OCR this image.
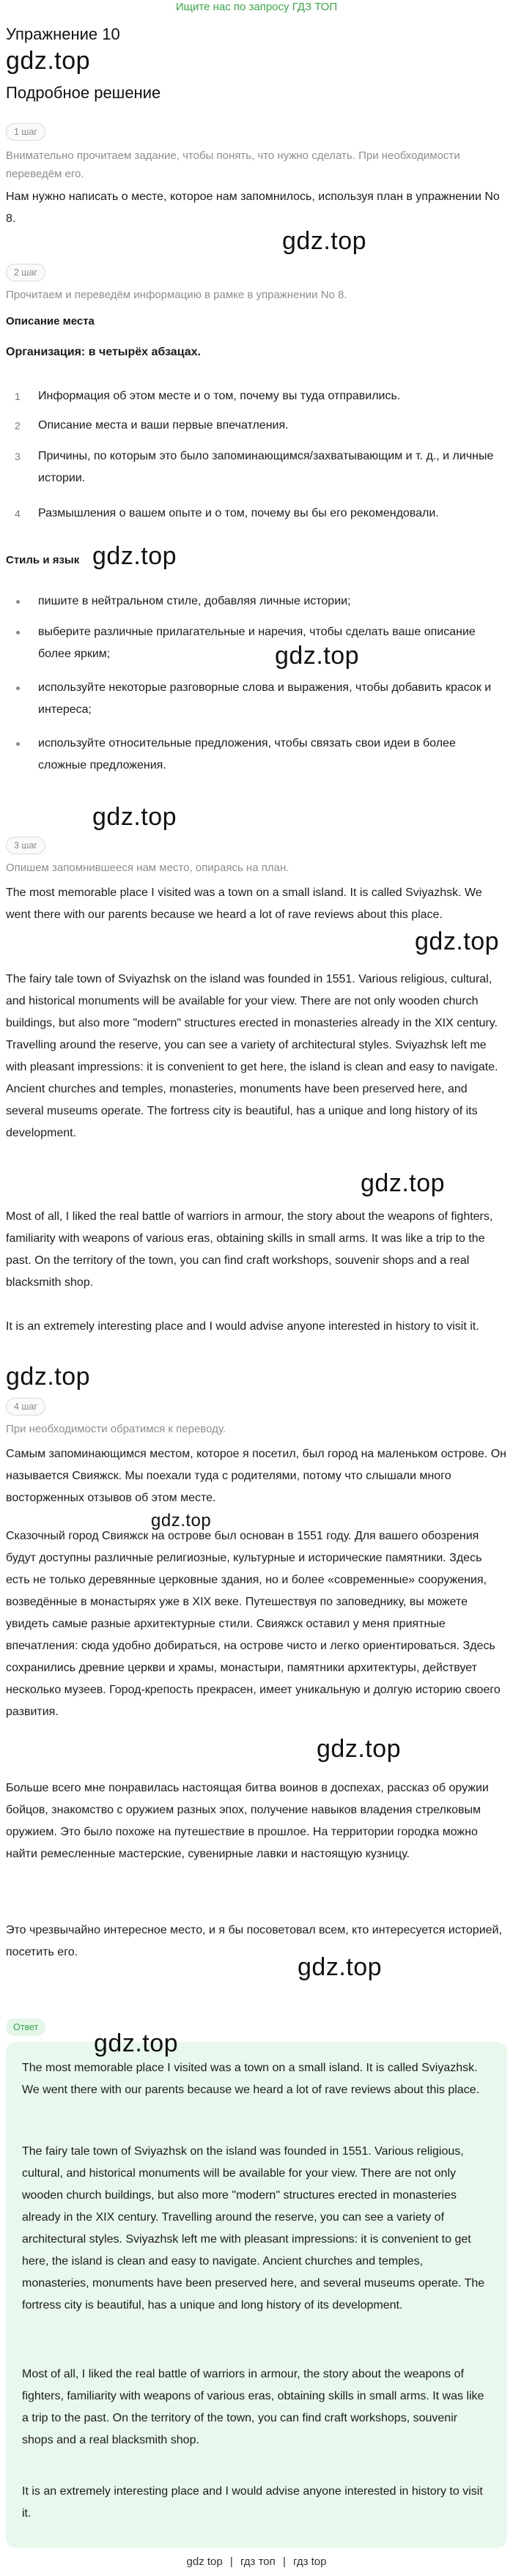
Ищите нас по запросу ГДЗ ТОП
Упражнение 10
gdz.top
Подробное решение
1 шаг
Внимательно прочитаем задание, чтобы понять, что нужно сделать. При необходимости переведём его.
Нам нужно написать о месте, которое нам запомнилось, используя план в упражнении No 8.
gdz.top
2 шаг
Прочитаем и переведём информацию в рамке в упражнении No 8.
Описание места
Организация: в четырёх абзацах.
1 Информация об этом месте и о том, почему вы туда отправились.
2 Описание места и ваши первые впечатления.
3 Причины, по которым это было запоминающимся/захватывающим и т. д., и личные истории.
4 Размышления о вашем опыте и о том, почему вы бы его рекомендовали.
Стиль и язык gdz.top
пишите в нейтральном стиле, добавляя личные истории;
выберите различные прилагательные и наречия, чтобы сделать ваше описание более ярким;	gdz.top
используйте некоторые разговорные слова и выражения, чтобы добавить красок и интереса;
используйте относительные предложения, чтобы связать свои идеи в более сложные предложения.
gdz.top
3 шаг
Опишем запомнившееся нам место, опираясь на план.
The most memorable place I visited was a town on a small island. It is called Sviyazhsk. We went there with our parents because we heard a lot of rave reviews about this place.
gdz.top
The fairy tale town of Sviyazhsk on the island was founded in 1551. Various religious, cultural, and historical monuments will be available for your view. There are not only wooden church buildings, but also more "modern" structures erected in monasteries already in the XIX century. Travelling around the reserve, you can see a variety of architectural styles. Sviyazhsk left me with pleasant impressions: it is convenient to get here, the island is clean and easy to navigate. Ancient churches and temples, monasteries, monuments have been preserved here, and several museums operate. The fortress city is beautiful, has a unique and long history of its development.
gdz.top
Most of all, I liked the real battle of warriors in armour, the story about the weapons of fighters, familiarity with weapons of various eras, obtaining skills in small arms. It was like a trip to the past. On the territory of the town, you can find craft workshops, souvenir shops and a real blacksmith shop.
It is an extremely interesting place and I would advise anyone interested in history to visit it.
gdz.top
4 шаг
При необходимости обратимся к переводу.
Самым запоминающимся местом, которое я посетил, был город на маленьком острове. Он называется Свияжск. Мы поехали туда с родителями, потому что слышали много восторженных отзывов об этом месте.
gdz.top
Сказочный город Свияжск на острове был основан в 1551 году. Для вашего обозрения будут доступны различные религиозные, культурные и исторические памятники. Здесь есть не только деревянные церковные здания, но и более «современные» сооружения, возведённые в монастырях уже в XIX веке. Путешествуя по заповеднику, вы можете увидеть самые разные архитектурные стили. Свияжск оставил у меня приятные впечатления: сюда удобно добираться, на острове чисто и легко ориентироваться. Здесь сохранились древние церкви и храмы, монастыри, памятники архитектуры, действует несколько музеев. Город-крепость прекрасен, имеет уникальную и долгую историю своего развития.
gdz.top
Больше всего мне понравилась настоящая битва воинов в доспехах, рассказ об оружии бойцов, знакомство с оружием разных эпох, получение навыков владения стрелковым оружием. Это было похоже на путешествие в прошлое. На территории городка можно найти ремесленные мастерские, сувенирные лавки и настоящую кузницу.
Это чрезвычайно интересное место, и я бы посоветовал всем, кто интересуется историей, посетить его.
gdz.top
Ответ
gdz.top
The most memorable place I visited was a town on a small island. It is called Sviyazhsk. We went there with our parents because we heard a lot of rave reviews about this place.
The fairy tale town of Sviyazhsk on the island was founded in 1551. Various religious, cultural, and historical monuments will be available for your view. There are not only wooden church buildings, but also more "modern" structures erected in monasteries already in the XIX century. Travelling around the reserve, you can see a variety of architectural styles. Sviyazhsk left me with pleasant impressions: it is convenient to get here, the island is clean and easy to navigate. Ancient churches and temples, monasteries, monuments have been preserved here, and several museums operate. The fortress city is beautiful, has a unique and long history of its development.
Most of all, I liked the real battle of warriors in armour, the story about the weapons of fighters, familiarity with weapons of various eras, obtaining skills in small arms. It was like a trip to the past. On the territory of the town, you can find craft workshops, souvenir shops and a real blacksmith shop.
It is an extremely interesting place and I would advise anyone interested in history to visit it.
gdz top | гдз топ | гдз top
